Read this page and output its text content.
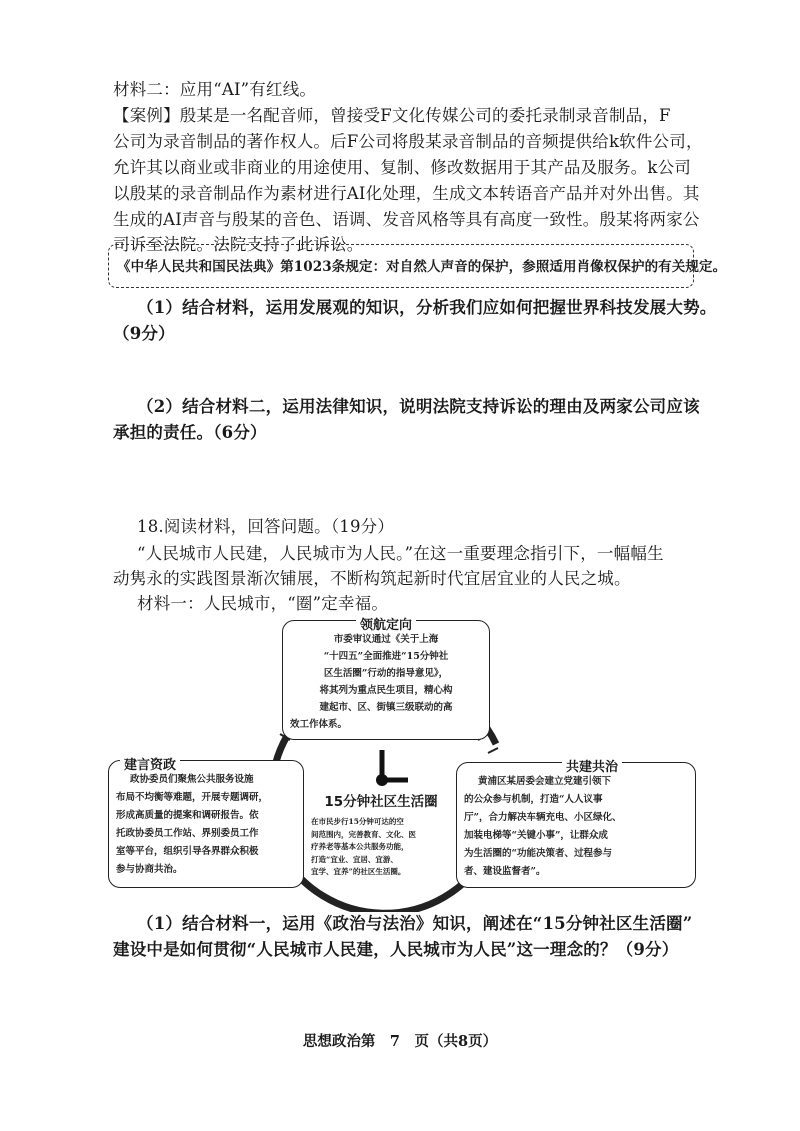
材料二：应用“AI”有红线。
【案例】殷某是一名配音师，曾接受F文化传媒公司的委托录制录音制品，F
公司为录音制品的著作权人。后F公司将殷某录音制品的音频提供给k软件公司，
允许其以商业或非商业的用途使用、复制、修改数据用于其产品及服务。k公司
以殷某的录音制品作为素材进行AI化处理，生成文本转语音产品并对外出售。其
生成的AI声音与殷某的音色、语调、发音风格等具有高度一致性。殷某将两家公
司诉至法院。法院支持了此诉讼。
《中华人民共和国民法典》第1023条规定：对自然人声音的保护，参照适用肖像权保护的有关规定。
（1）结合材料，运用发展观的知识，分析我们应如何把握世界科技发展大势。
（9分）
（2）结合材料二，运用法律知识，说明法院支持诉讼的理由及两家公司应该
承担的责任。（6分）
18.阅读材料，回答问题。（19分）
“人民城市人民建，人民城市为人民。”在这一重要理念指引下，一幅幅生
动隽永的实践图景渐次铺展，不断构筑起新时代宜居宜业的人民之城。
材料一：人民城市，“圈”定幸福。
市委审议通过《关于上海
“十四五”全面推进“15分钟社
区生活圈”行动的指导意见》，
将其列为重点民生项目，精心构
建起市、区、街镇三级联动的高
效工作体系。
领航定向
政协委员们聚焦公共服务设施
布局不均衡等难题，开展专题调研，
形成高质量的提案和调研报告。依
托政协委员工作站、界别委员工作
室等平台，组织引导各界群众积极
参与协商共治。
建言资政
黄浦区某居委会建立党建引领下
的公众参与机制，打造“人人议事
厅”，合力解决车辆充电、小区绿化、
加装电梯等“关键小事”，让群众成
为生活圈的“功能决策者、过程参与
者、建设监督者”。
共建共治
15分钟社区生活圈
在市民步行15分钟可达的空
间范围内，完善教育、文化、医
疗养老等基本公共服务功能，
打造“宜业、宜居、宜游、
宜学、宜养”的社区生活圈。
（1）结合材料一，运用《政治与法治》知识，阐述在“15分钟社区生活圈”
建设中是如何贯彻“人民城市人民建，人民城市为人民”这一理念的？（9分）
思想政治第　7　页（共8页）
